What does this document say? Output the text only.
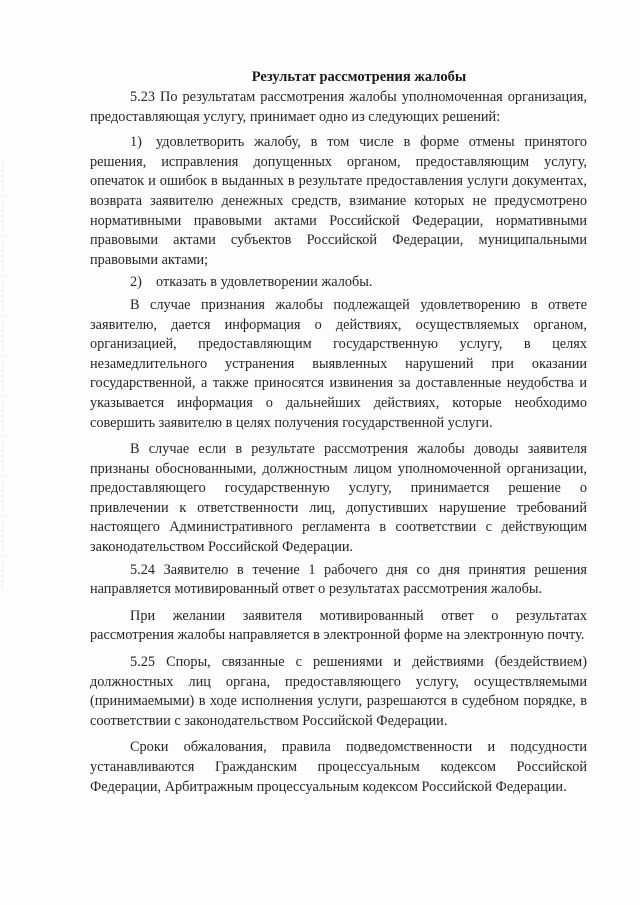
Результат рассмотрения жалобы

5.23 По результатам рассмотрения жалобы уполномоченная организация, предоставляющая услугу, принимает одно из следующих решений:

1) удовлетворить жалобу, в том числе в форме отмены принятого решения, исправления допущенных органом, предоставляющим услугу, опечаток и ошибок в выданных в результате предоставления услуги документах, возврата заявителю денежных средств, взимание которых не предусмотрено нормативными правовыми актами Российской Федерации, нормативными правовыми актами субъектов Российской Федерации, муниципальными правовыми актами;

2) отказать в удовлетворении жалобы.

В случае признания жалобы подлежащей удовлетворению в ответе заявителю, дается информация о действиях, осуществляемых органом, организацией, предоставляющим государственную услугу, в целях незамедлительного устранения выявленных нарушений при оказании государственной, а также приносятся извинения за доставленные неудобства и указывается информация о дальнейших действиях, которые необходимо совершить заявителю в целях получения государственной услуги.

В случае если в результате рассмотрения жалобы доводы заявителя признаны обоснованными, должностным лицом уполномоченной организации, предоставляющего государственную услугу, принимается решение о привлечении к ответственности лиц, допустивших нарушение требований настоящего Административного регламента в соответствии с действующим законодательством Российской Федерации.

5.24 Заявителю в течение 1 рабочего дня со дня принятия решения направляется мотивированный ответ о результатах рассмотрения жалобы.

При желании заявителя мотивированный ответ о результатах рассмотрения жалобы направляется в электронной форме на электронную почту.

5.25 Споры, связанные с решениями и действиями (бездействием) должностных лиц органа, предоставляющего услугу, осуществляемыми (принимаемыми) в ходе исполнения услуги, разрешаются в судебном порядке, в соответствии с законодательством Российской Федерации.

Сроки обжалования, правила подведомственности и подсудности устанавливаются Гражданским процессуальным кодексом Российской Федерации, Арбитражным процессуальным кодексом Российской Федерации.
